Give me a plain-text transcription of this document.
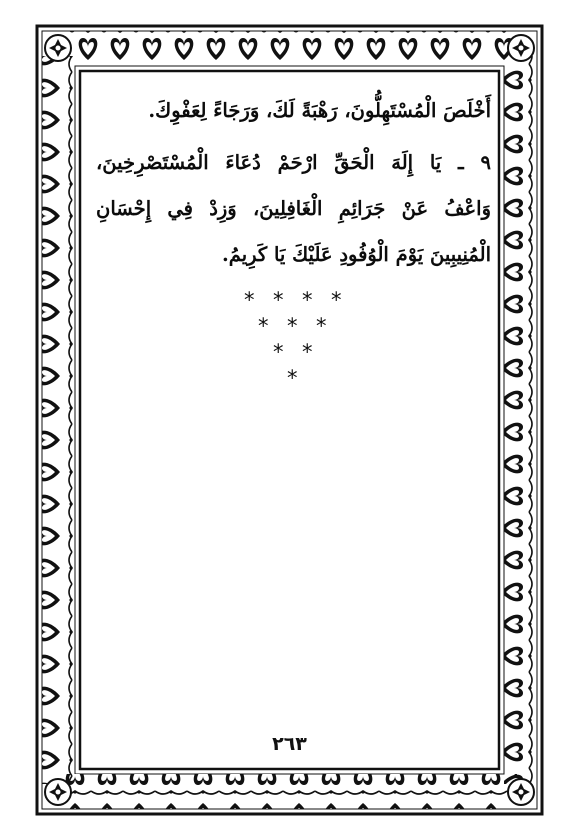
أَخْلَصَ الْمُسْتَهِلُّونَ، رَهْبَةً لَكَ، وَرَجَاءً لِعَفْوِكَ.
٩ ـ يَا إِلَهَ الْحَقِّ ارْحَمْ دُعَاءَ الْمُسْتَصْرِخِينَ،
وَاعْفُ عَنْ جَرَائِمِ الْغَافِلِينَ، وَزِدْ فِي إِحْسَانِ
الْمُنِيبِينَ يَوْمَ الْوُفُودِ عَلَيْكَ يَا كَرِيمُ.
* * * *
* * *
* *
*
٢٦٣
